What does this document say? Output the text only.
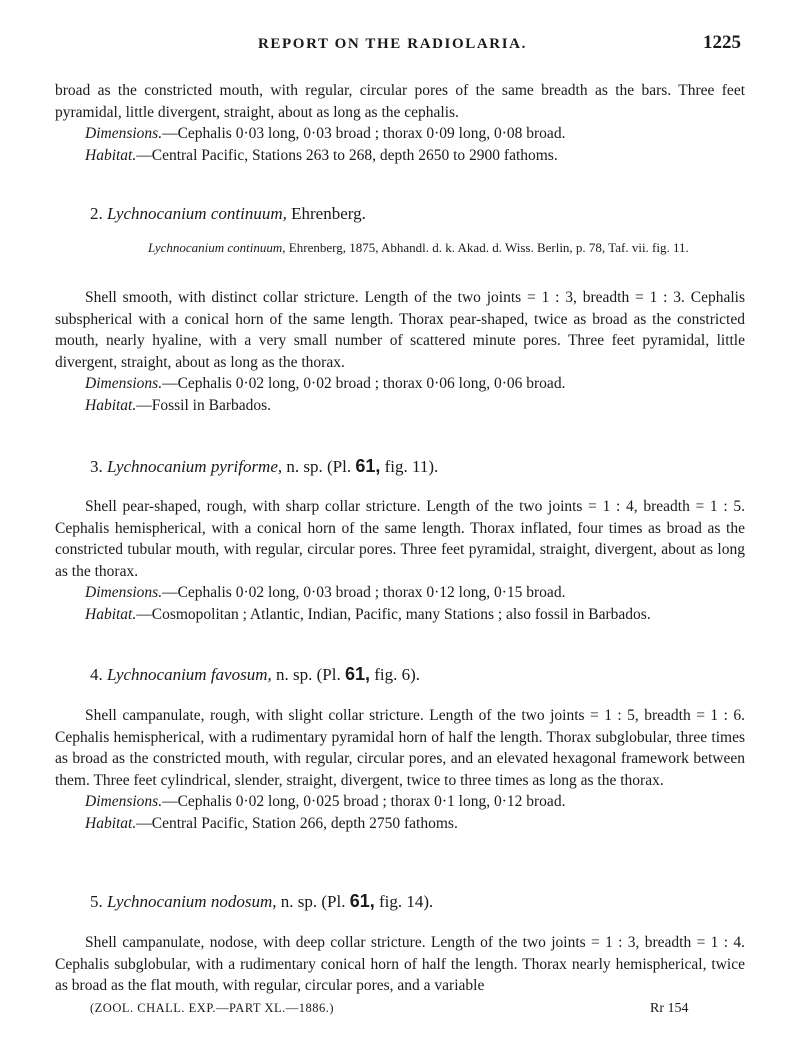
REPORT ON THE RADIOLARIA.	1225

broad as the constricted mouth, with regular, circular pores of the same breadth as the bars. Three feet pyramidal, little divergent, straight, about as long as the cephalis.

Dimensions.—Cephalis 0·03 long, 0·03 broad ; thorax 0·09 long, 0·08 broad.

Habitat.—Central Pacific, Stations 263 to 268, depth 2650 to 2900 fathoms.

2. Lychnocanium continuum, Ehrenberg.
Lychnocanium continuum, Ehrenberg, 1875, Abhandl. d. k. Akad. d. Wiss. Berlin, p. 78, Taf. vii. fig. 11.

Shell smooth, with distinct collar stricture. Length of the two joints = 1 : 3, breadth = 1 : 3. Cephalis subspherical with a conical horn of the same length. Thorax pear-shaped, twice as broad as the constricted mouth, nearly hyaline, with a very small number of scattered minute pores. Three feet pyramidal, little divergent, straight, about as long as the thorax.

Dimensions.—Cephalis 0·02 long, 0·02 broad ; thorax 0·06 long, 0·06 broad.

Habitat.—Fossil in Barbados.

3. Lychnocanium pyriforme, n. sp. (Pl. 61, fig. 11).

Shell pear-shaped, rough, with sharp collar stricture. Length of the two joints = 1 : 4, breadth = 1 : 5. Cephalis hemispherical, with a conical horn of the same length. Thorax inflated, four times as broad as the constricted tubular mouth, with regular, circular pores. Three feet pyramidal, straight, divergent, about as long as the thorax.

Dimensions.—Cephalis 0·02 long, 0·03 broad ; thorax 0·12 long, 0·15 broad.

Habitat.—Cosmopolitan ; Atlantic, Indian, Pacific, many Stations ; also fossil in Barbados.

4. Lychnocanium favosum, n. sp. (Pl. 61, fig. 6).

Shell campanulate, rough, with slight collar stricture. Length of the two joints = 1 : 5, breadth = 1 : 6. Cephalis hemispherical, with a rudimentary pyramidal horn of half the length. Thorax subglobular, three times as broad as the constricted mouth, with regular, circular pores, and an elevated hexagonal framework between them. Three feet cylindrical, slender, straight, divergent, twice to three times as long as the thorax.

Dimensions.—Cephalis 0·02 long, 0·025 broad ; thorax 0·1 long, 0·12 broad.

Habitat.—Central Pacific, Station 266, depth 2750 fathoms.

5. Lychnocanium nodosum, n. sp. (Pl. 61, fig. 14).

Shell campanulate, nodose, with deep collar stricture. Length of the two joints = 1 : 3, breadth = 1 : 4. Cephalis subglobular, with a rudimentary conical horn of half the length. Thorax nearly hemispherical, twice as broad as the flat mouth, with regular, circular pores, and a variable

(ZOOL. CHALL. EXP.—PART XL.—1886.)	Rr 154
